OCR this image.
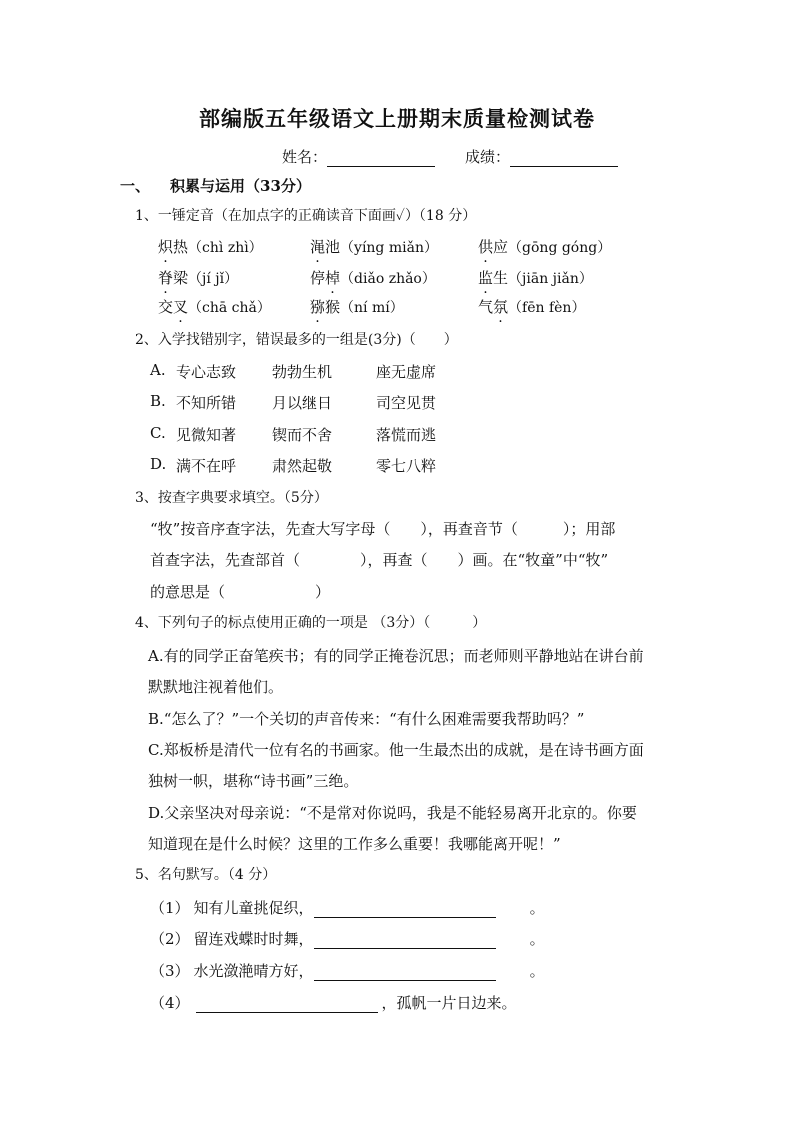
部编版五年级语文上册期末质量检测试卷
姓名：	成绩：
一、 积累与运用（33分）
1、一锤定音（在加点字的正确读音下面画✓）（18 分）
炽热（chì zhì）	渑池（yíng miǎn）	供应（gōng góng）
脊梁（jí jǐ）	停棹（diǎo zhǎo）	监生（jiān jiǎn）
交叉（chā chǎ）	猕猴（ní mí）	气氛（fēn fèn）
2、入学找错别字，错误最多的一组是(3分)（　　）
A. 专心志致 勃勃生机	座无虚席
B. 不知所错 月以继日	司空见贯
C. 见微知著 锲而不舍	落慌而逃
D. 满不在呼 肃然起敬	零七八粹
3、按查字典要求填空。（5分）
“牧”按音序查字法，先查大写字母（　　），再查音节（　　　）；用部
首查字法，先查部首（　　　　），再查（　　）画。在“牧童”中“牧”
的意思是（　　　　　　）
4、下列句子的标点使用正确的一项是 （3分）（　　　）
A.有的同学正奋笔疾书；有的同学正掩卷沉思；而老师则平静地站在讲台前
默默地注视着他们。
B.“怎么了？”一个关切的声音传来：“有什么困难需要我帮助吗？”
C.郑板桥是清代一位有名的书画家。他一生最杰出的成就，是在诗书画方面
独树一帜，堪称“诗书画”三绝。
D.父亲坚决对母亲说：“不是常对你说吗，我是不能轻易离开北京的。你要
知道现在是什么时候？这里的工作多么重要！我哪能离开呢！”
5、名句默写。（4 分）
（1） 知有儿童挑促织，	。
（2） 留连戏蝶时时舞，	。
（3） 水光潋滟晴方好，	。
（4）	，孤帆一片日边来。
